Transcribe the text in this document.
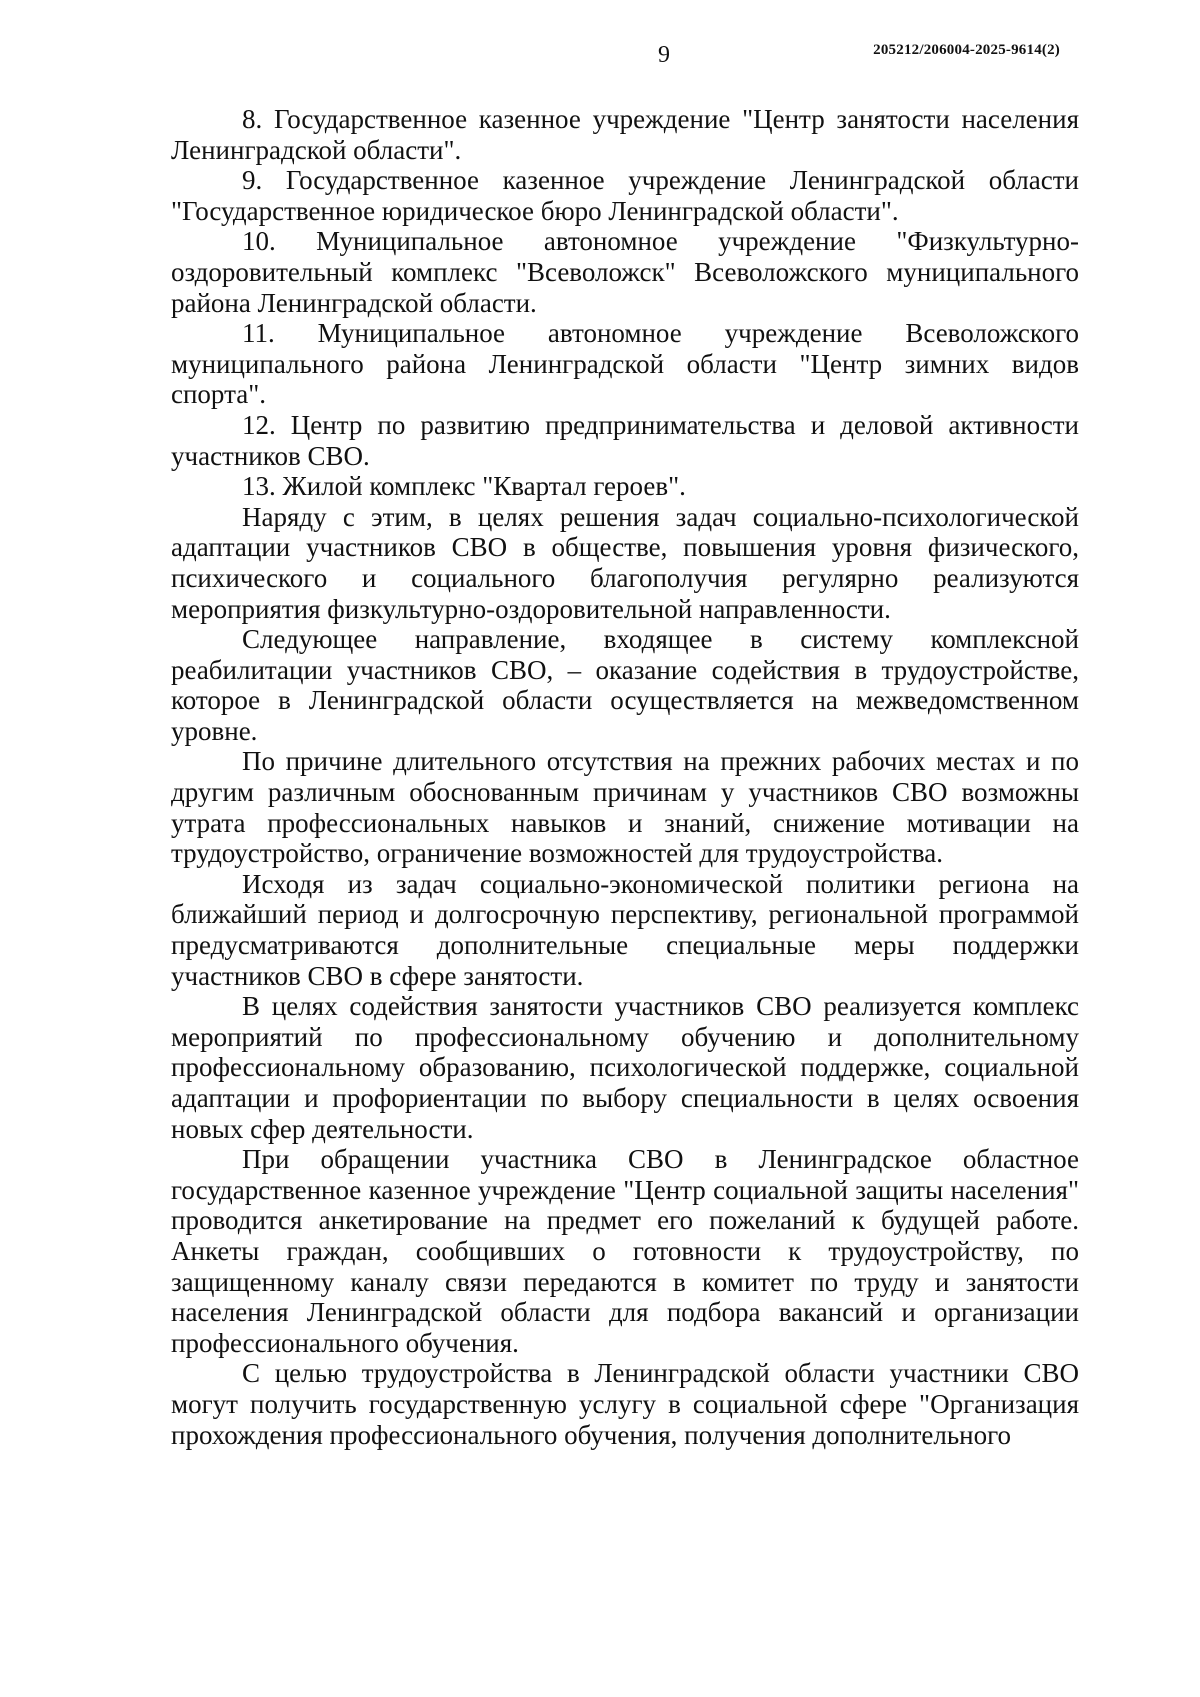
9	205212/206004-2025-9614(2)

8. Государственное казенное учреждение "Центр занятости населения Ленинградской области".

9. Государственное казенное учреждение Ленинградской области "Государственное юридическое бюро Ленинградской области".

10. Муниципальное автономное учреждение "Физкультурно-оздоровительный комплекс "Всеволожск" Всеволожского муниципального района Ленинградской области.

11. Муниципальное автономное учреждение Всеволожского муниципального района Ленинградской области "Центр зимних видов спорта".

12. Центр по развитию предпринимательства и деловой активности участников СВО.

13. Жилой комплекс "Квартал героев".

Наряду с этим, в целях решения задач социально-психологической адаптации участников СВО в обществе, повышения уровня физического, психического и социального благополучия регулярно реализуются мероприятия физкультурно-оздоровительной направленности.

Следующее направление, входящее в систему комплексной реабилитации участников СВО, – оказание содействия в трудоустройстве, которое в Ленинградской области осуществляется на межведомственном уровне.

По причине длительного отсутствия на прежних рабочих местах и по другим различным обоснованным причинам у участников СВО возможны утрата профессиональных навыков и знаний, снижение мотивации на трудоустройство, ограничение возможностей для трудоустройства.

Исходя из задач социально-экономической политики региона на ближайший период и долгосрочную перспективу, региональной программой предусматриваются дополнительные специальные меры поддержки участников СВО в сфере занятости.

В целях содействия занятости участников СВО реализуется комплекс мероприятий по профессиональному обучению и дополнительному профессиональному образованию, психологической поддержке, социальной адаптации и профориентации по выбору специальности в целях освоения новых сфер деятельности.

При обращении участника СВО в Ленинградское областное государственное казенное учреждение "Центр социальной защиты населения" проводится анкетирование на предмет его пожеланий к будущей работе. Анкеты граждан, сообщивших о готовности к трудоустройству, по защищенному каналу связи передаются в комитет по труду и занятости населения Ленинградской области для подбора вакансий и организации профессионального обучения.

С целью трудоустройства в Ленинградской области участники СВО могут получить государственную услугу в социальной сфере "Организация прохождения профессионального обучения, получения дополнительного
